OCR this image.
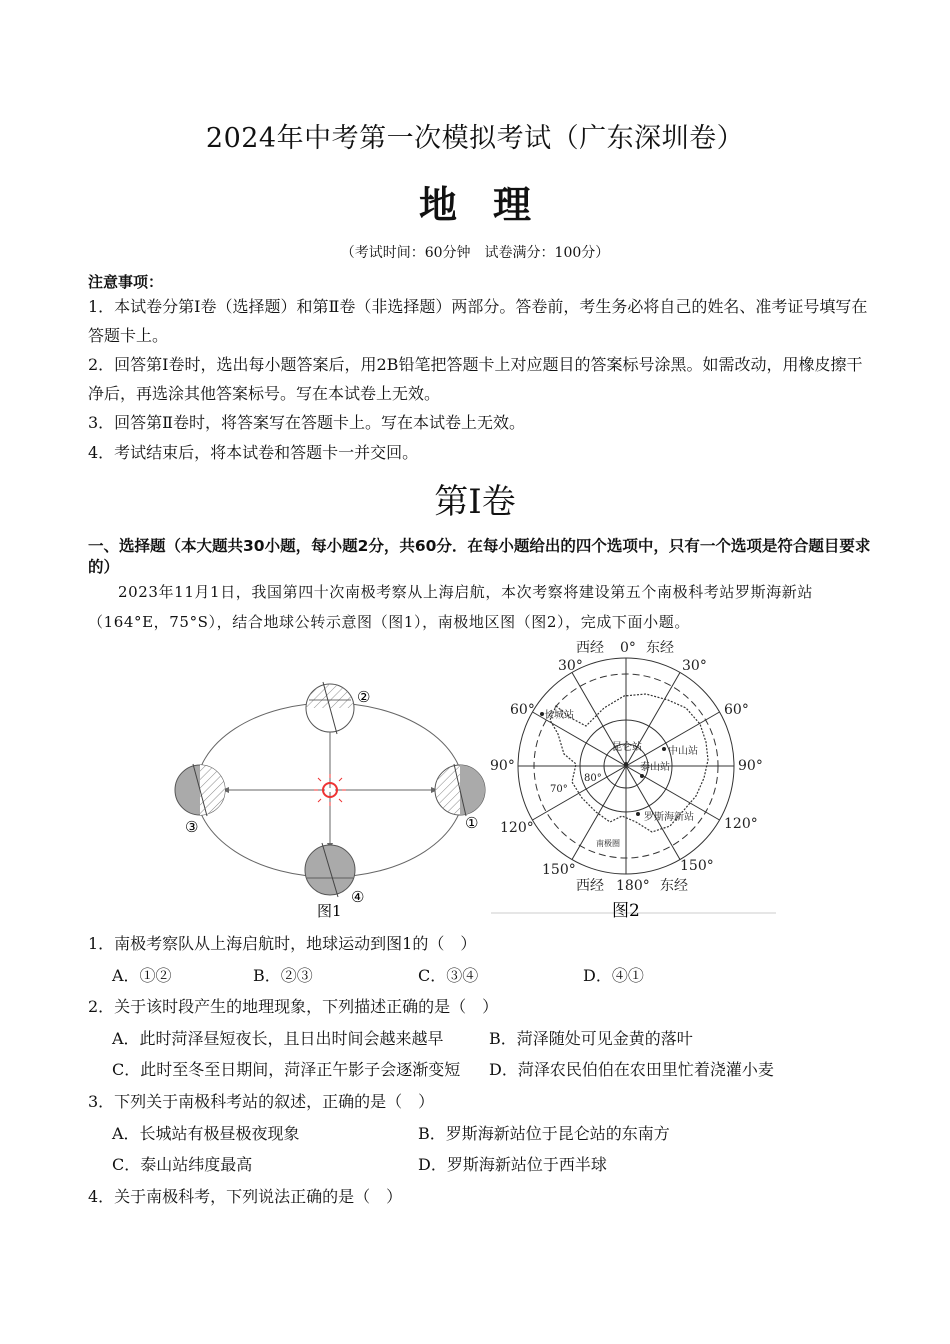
2024年中考第一次模拟考试（广东深圳卷）
地理
（考试时间：60分钟　试卷满分：100分）
注意事项：
1．本试卷分第Ⅰ卷（选择题）和第Ⅱ卷（非选择题）两部分。答卷前，考生务必将自己的姓名、准考证号填写在答题卡上。
2．回答第Ⅰ卷时，选出每小题答案后，用2B铅笔把答题卡上对应题目的答案标号涂黑。如需改动，用橡皮擦干净后，再选涂其他答案标号。写在本试卷上无效。
3．回答第Ⅱ卷时，将答案写在答题卡上。写在本试卷上无效。
4．考试结束后，将本试卷和答题卡一并交回。
第Ⅰ卷
一、选择题（本大题共30小题，每小题2分，共60分．在每小题给出的四个选项中，只有一个选项是符合题目要求的）
2023年11月1日，我国第四十次南极考察从上海启航，本次考察将建设第五个南极科考站罗斯海新站（164°E，75°S），结合地球公转示意图（图1），南极地区图（图2），完成下面小题。
②
①
③
④
图1
西经 0° 东经
30°	30°
60°	60°
90°	90°
120°	120°
150°	150°
西经 180° 东经
长城站
昆仑站	中山站
泰山站
罗斯海新站
80°
70°
南极圈
图2
1．南极考察队从上海启航时，地球运动到图1的（　）
A．①②	B．②③	C．③④	D．④①
2．关于该时段产生的地理现象，下列描述正确的是（　）
A．此时菏泽昼短夜长，且日出时间会越来越早	B．菏泽随处可见金黄的落叶
C．此时至冬至日期间，菏泽正午影子会逐渐变短 D．菏泽农民伯伯在农田里忙着浇灌小麦
3．下列关于南极科考站的叙述，正确的是（　）
A．长城站有极昼极夜现象	B．罗斯海新站位于昆仑站的东南方
C．泰山站纬度最高	D．罗斯海新站位于西半球
4．关于南极科考，下列说法正确的是（　）
